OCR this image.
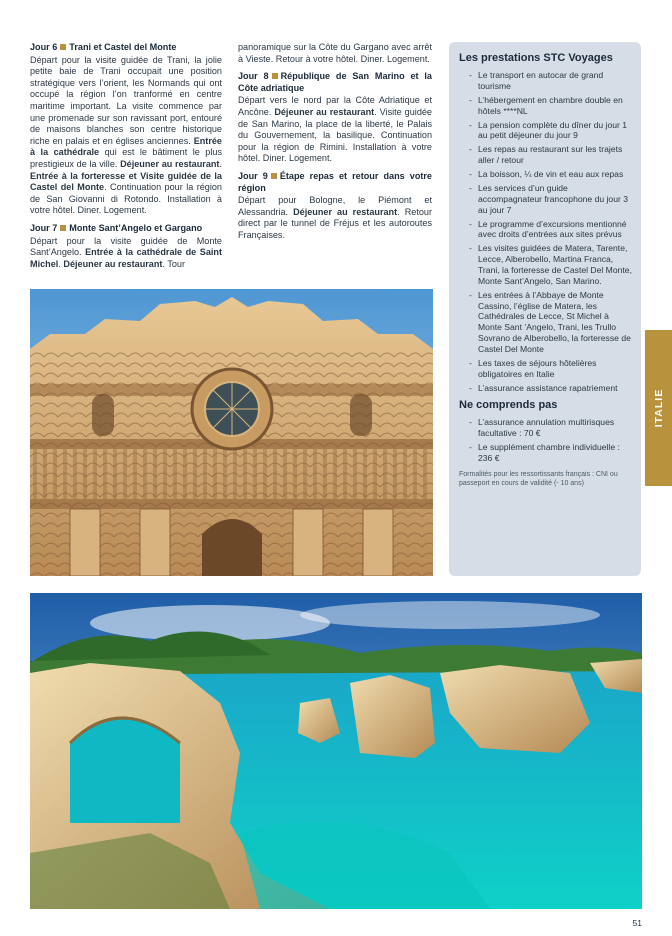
Jour 6 Trani et Castel del Monte
Départ pour la visite guidée de Trani, la jolie petite baie de Trani occupait une position stratégique vers l’orient, les Normands qui ont occupé la région l’on tranformé en centre maritime important. La visite commence par une promenade sur son ravissant port, entouré de maisons blanches son centre historique riche en palais et en églises anciennes. Entrée à la cathédrale qui est le bâtiment le plus prestigieux de la ville. Déjeuner au restaurant. Entrée à la forteresse et Visite guidée de la Castel del Monte. Continuation pour la région de San Giovanni di Rotondo. Installation à votre hôtel. Diner. Logement.
Jour 7 Monte Sant’Angelo et Gargano
Départ pour la visite guidée de Monte Sant’Angelo. Entrée à la cathédrale de Saint Michel. Déjeuner au restaurant. Tour
panoramique sur la Côte du Gargano avec arrêt à Vieste. Retour à votre hôtel. Diner. Logement.
Jour 8 République de San Marino et la Côte adriatique
Départ vers le nord par la Côte Adriatique et Ancône. Déjeuner au restaurant. Visite guidée de San Marino, la place de la liberté, le Palais du Gouvernement, la basilique. Continuation pour la région de Rimini. Installation à votre hôtel. Diner. Logement.
Jour 9 Étape repas et retour dans votre région
Départ pour Bologne, le Piémont et Alessandria. Déjeuner au restaurant. Retour direct par le tunnel de Fréjus et les autoroutes Françaises.
Les prestations STC Voyages
- Le transport en autocar de grand tourisme
- L’hébergement en chambre double en hôtels ****NL
- La pension complète du dîner du jour 1 au petit déjeuner du jour 9
- Les repas au restaurant sur les trajets aller / retour
- La boisson, ¼ de vin et eau aux repas
- Les services d’un guide accompagnateur francophone du jour 3 au jour 7
- Le programme d’excursions mentionné avec droits d’entrées aux sites prévus
- Les visites guidées de Matera, Tarente, Lecce, Alberobello, Martina Franca, Trani, la forteresse de Castel Del Monte, Monte Sant’Angelo, San Marino.
- Les entrées à l’Abbaye de Monte Cassino, l’église de Matera, les Cathédrales de Lecce, St Michel à Monte Sant ’Angelo, Trani, les Trullo Sovrano de Alberobello, la forteresse de Castel Del Monte
- Les taxes de séjours hôtelières obligatoires en Italie
- L’assurance assistance rapatriement
Ne comprends pas
- L’assurance annulation multirisques facultative : 70 €
- Le supplément chambre individuelle : 236 €
Formalités pour les ressortissants français : CNI ou passeport en cours de validité (- 10 ans)
ITALIE
51
